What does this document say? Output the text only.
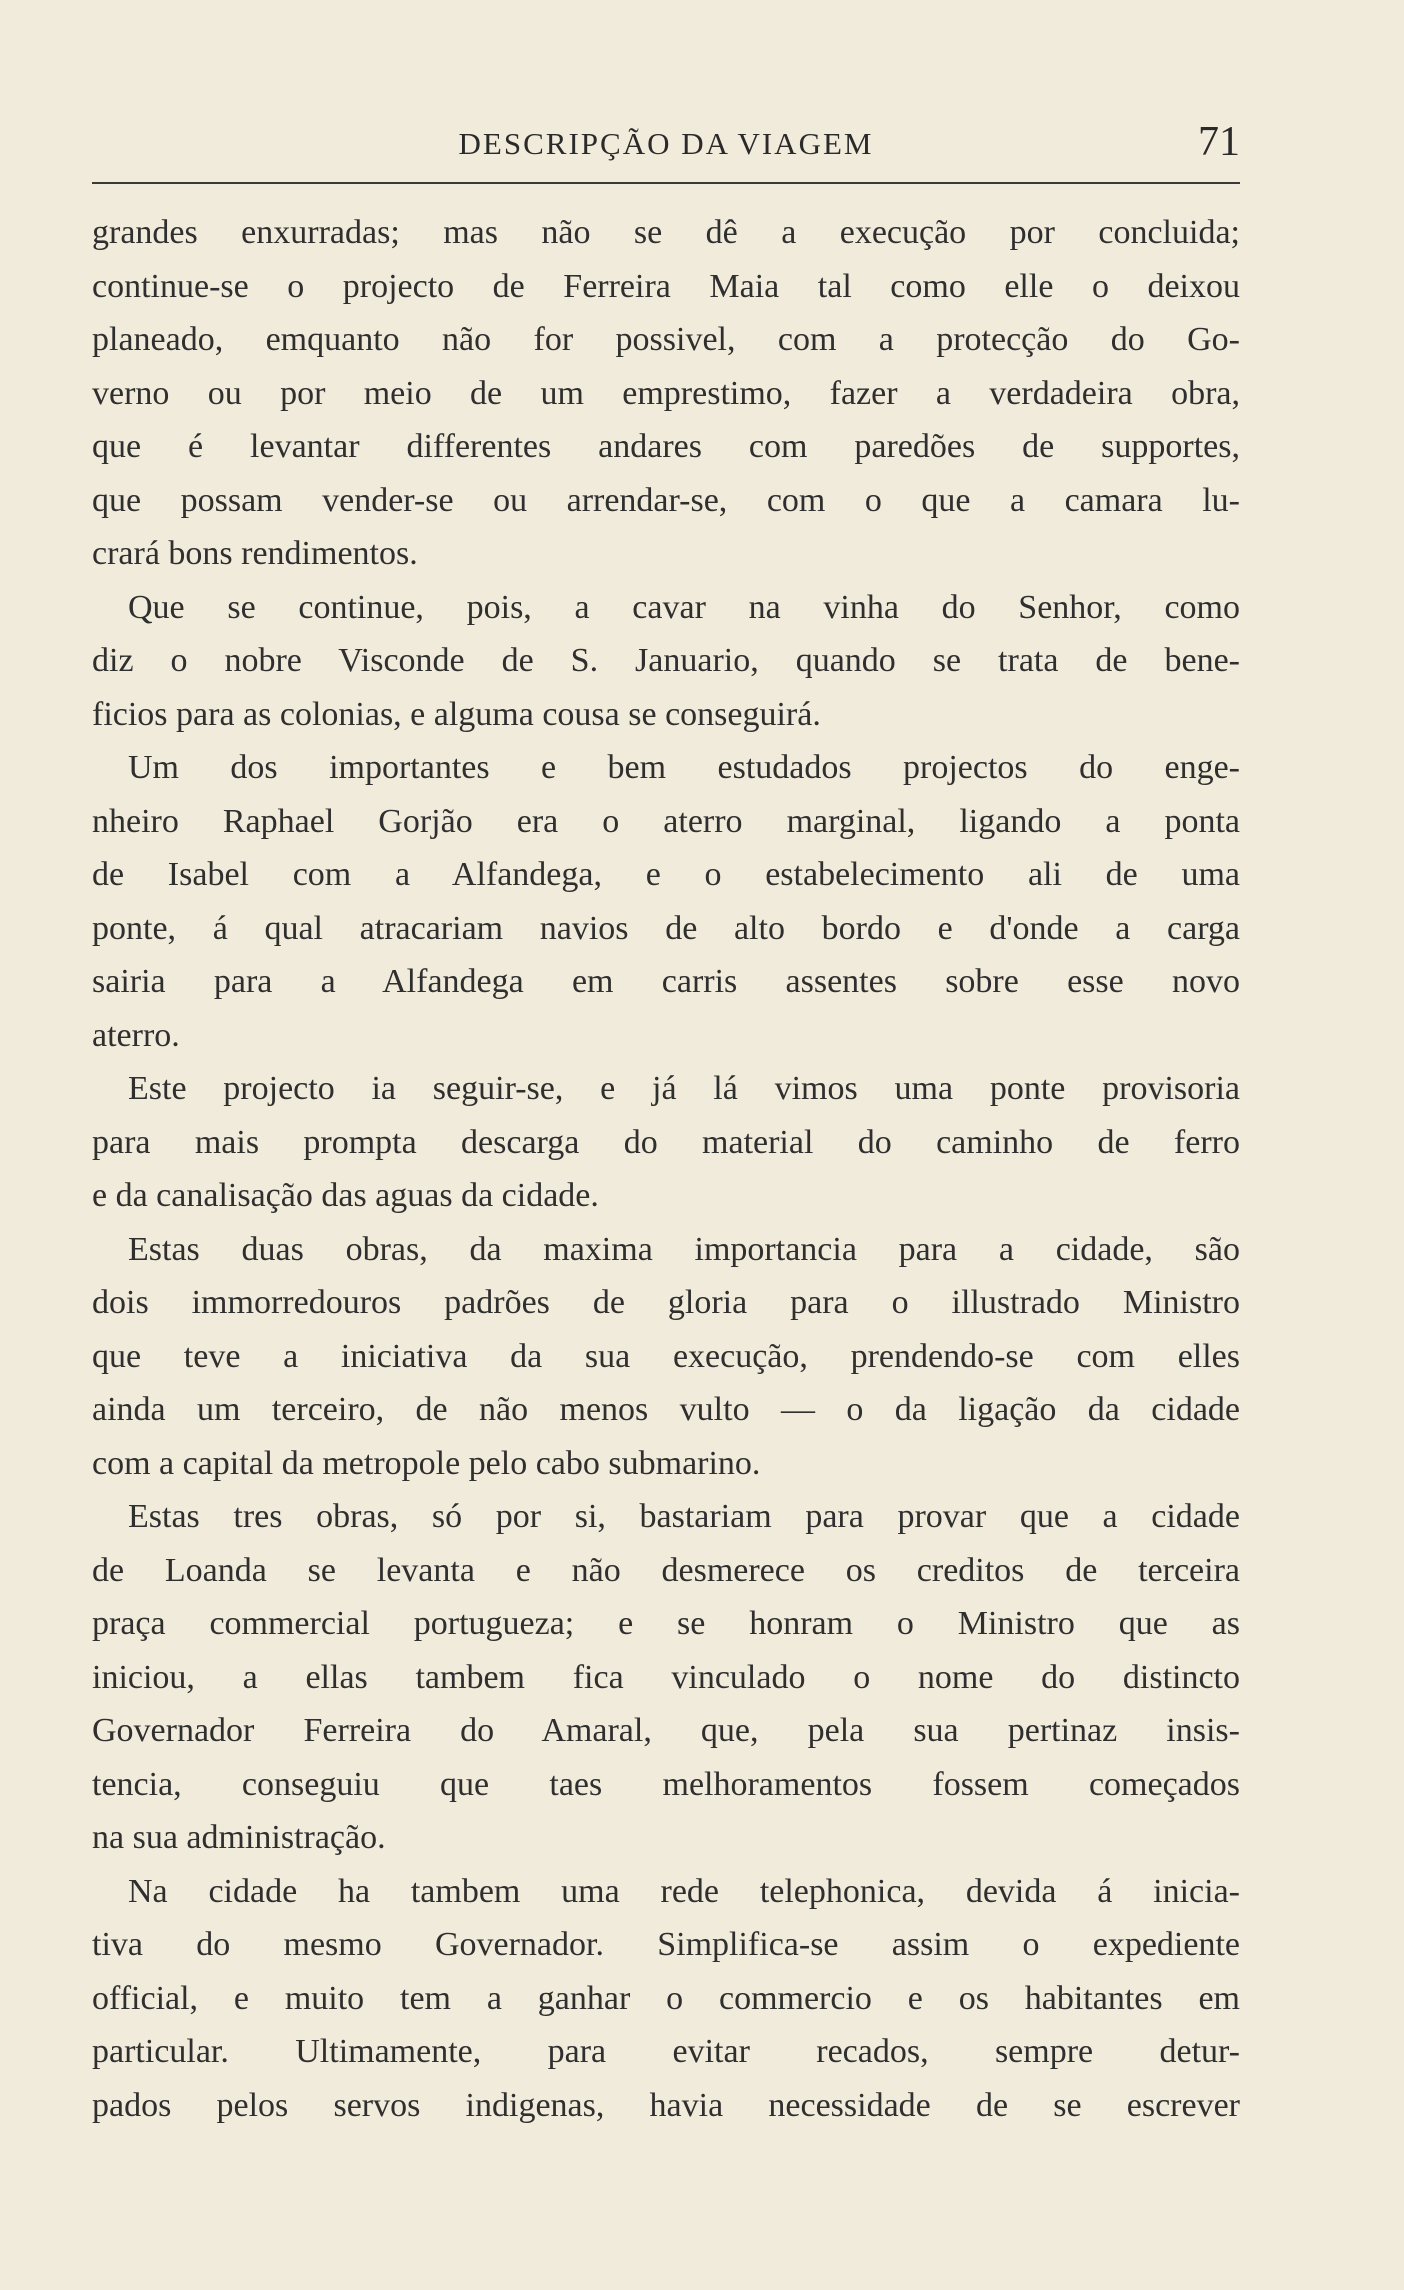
DESCRIPÇÃO DA VIAGEM	71
grandes enxurradas; mas não se dê a execução por concluida;
continue-se o projecto de Ferreira Maia tal como elle o deixou
planeado, emquanto não for possivel, com a protecção do Go-
verno ou por meio de um emprestimo, fazer a verdadeira obra,
que é levantar differentes andares com paredões de supportes,
que possam vender-se ou arrendar-se, com o que a camara lu-
crará bons rendimentos.
Que se continue, pois, a cavar na vinha do Senhor, como
diz o nobre Visconde de S. Januario, quando se trata de bene-
ficios para as colonias, e alguma cousa se conseguirá.
Um dos importantes e bem estudados projectos do enge-
nheiro Raphael Gorjão era o aterro marginal, ligando a ponta
de Isabel com a Alfandega, e o estabelecimento ali de uma
ponte, á qual atracariam navios de alto bordo e d'onde a carga
sairia para a Alfandega em carris assentes sobre esse novo
aterro.
Este projecto ia seguir-se, e já lá vimos uma ponte provisoria
para mais prompta descarga do material do caminho de ferro
e da canalisação das aguas da cidade.
Estas duas obras, da maxima importancia para a cidade, são
dois immorredouros padrões de gloria para o illustrado Ministro
que teve a iniciativa da sua execução, prendendo-se com elles
ainda um terceiro, de não menos vulto — o da ligação da cidade
com a capital da metropole pelo cabo submarino.
Estas tres obras, só por si, bastariam para provar que a cidade
de Loanda se levanta e não desmerece os creditos de terceira
praça commercial portugueza; e se honram o Ministro que as
iniciou, a ellas tambem fica vinculado o nome do distincto
Governador Ferreira do Amaral, que, pela sua pertinaz insis-
tencia, conseguiu que taes melhoramentos fossem começados
na sua administração.
Na cidade ha tambem uma rede telephonica, devida á inicia-
tiva do mesmo Governador. Simplifica-se assim o expediente
official, e muito tem a ganhar o commercio e os habitantes em
particular. Ultimamente, para evitar recados, sempre detur-
pados pelos servos indigenas, havia necessidade de se escrever
